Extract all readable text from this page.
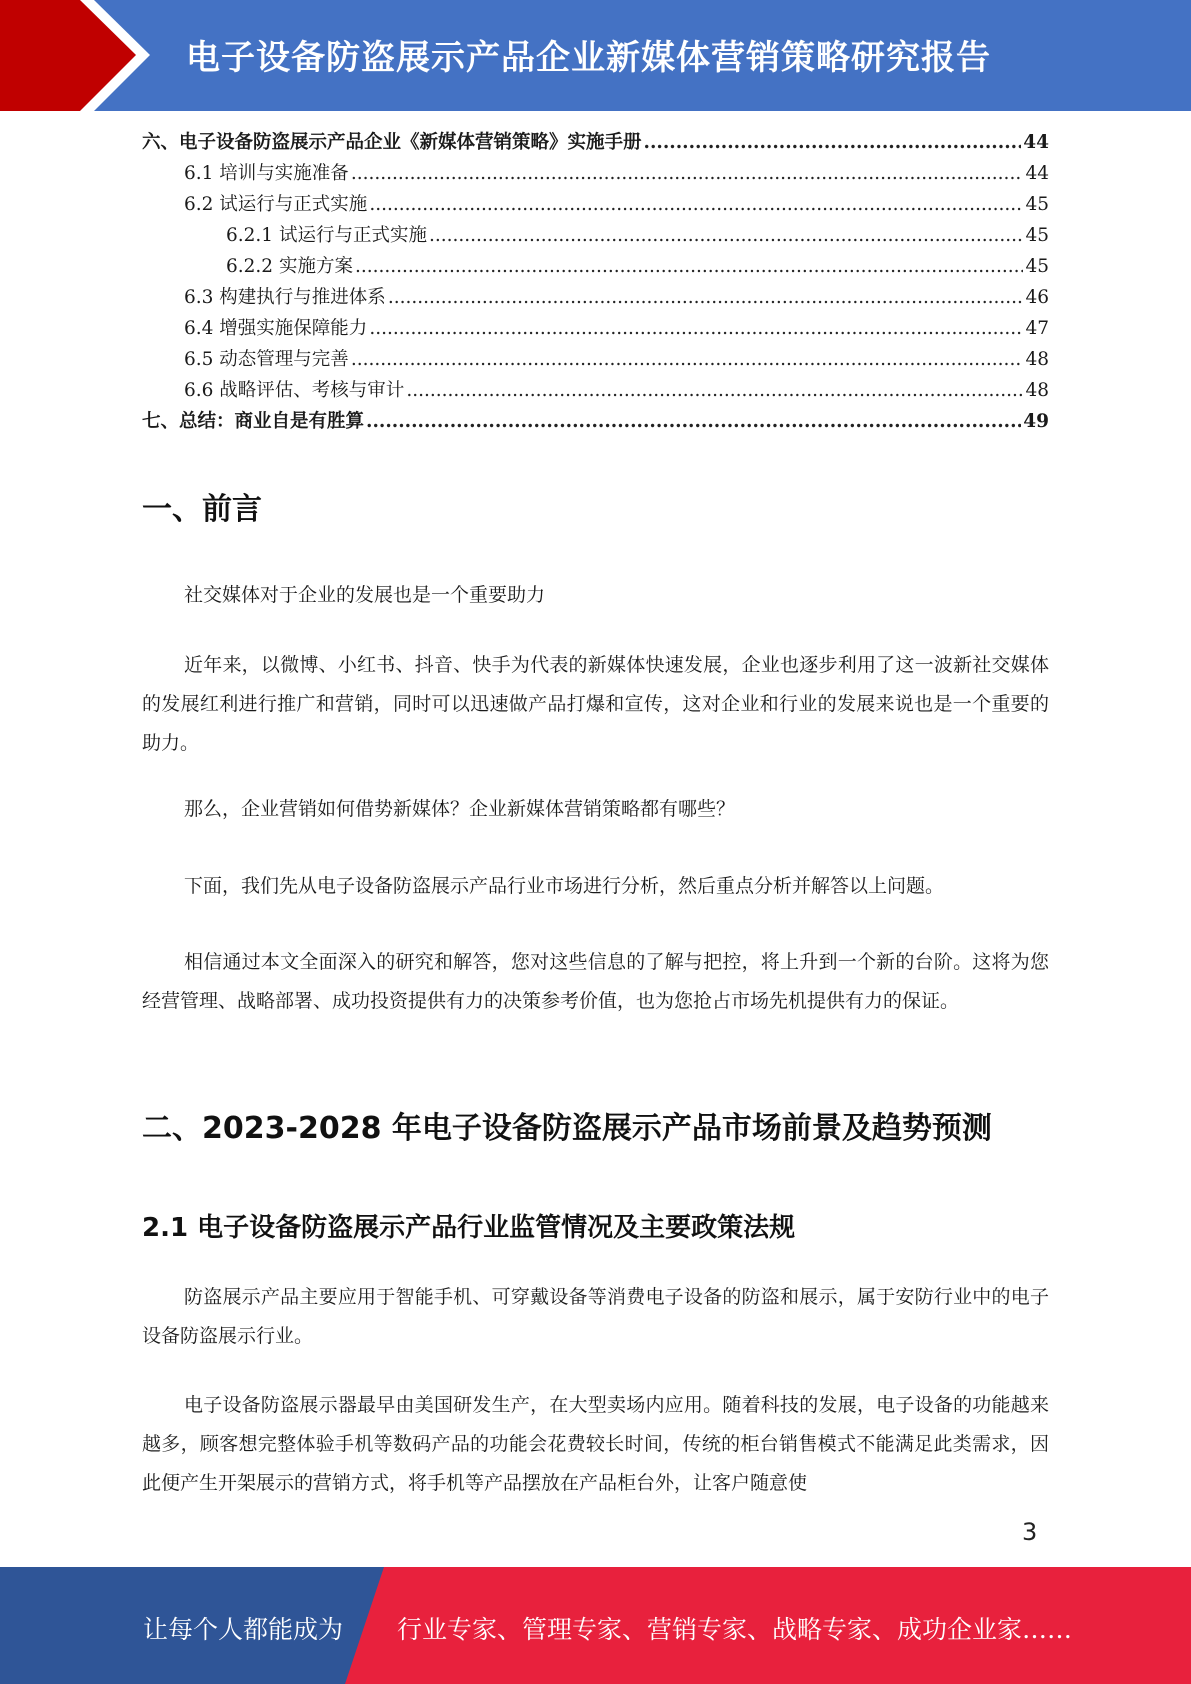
电子设备防盗展示产品企业新媒体营销策略研究报告
六、电子设备防盗展示产品企业《新媒体营销策略》实施手册 .....	44
6.1 培训与实施准备 .....	44
6.2 试运行与正式实施 .....	45
6.2.1 试运行与正式实施 .....	45
6.2.2 实施方案 .....	45
6.3 构建执行与推进体系 .....	46
6.4 增强实施保障能力 .....	47
6.5 动态管理与完善 .....	48
6.6 战略评估、考核与审计 .....	48
七、总结：商业自是有胜算 .....	49
一、前言

社交媒体对于企业的发展也是一个重要助力

近年来，以微博、小红书、抖音、快手为代表的新媒体快速发展，企业也逐步利用了这一波新社交媒体的发展红利进行推广和营销，同时可以迅速做产品打爆和宣传，这对企业和行业的发展来说也是一个重要的助力。

那么，企业营销如何借势新媒体？企业新媒体营销策略都有哪些？

下面，我们先从电子设备防盗展示产品行业市场进行分析，然后重点分析并解答以上问题。

相信通过本文全面深入的研究和解答，您对这些信息的了解与把控，将上升到一个新的台阶。这将为您经营管理、战略部署、成功投资提供有力的决策参考价值，也为您抢占市场先机提供有力的保证。

二、2023-2028 年电子设备防盗展示产品市场前景及趋势预测
2.1 电子设备防盗展示产品行业监管情况及主要政策法规

防盗展示产品主要应用于智能手机、可穿戴设备等消费电子设备的防盗和展示，属于安防行业中的电子设备防盗展示行业。

电子设备防盗展示器最早由美国研发生产，在大型卖场内应用。随着科技的发展，电子设备的功能越来越多，顾客想完整体验手机等数码产品的功能会花费较长时间，传统的柜台销售模式不能满足此类需求，因此便产生开架展示的营销方式，将手机等产品摆放在产品柜台外，让客户随意使

3
让每个人都能成为 行业专家、管理专家、营销专家、战略专家、成功企业家……
